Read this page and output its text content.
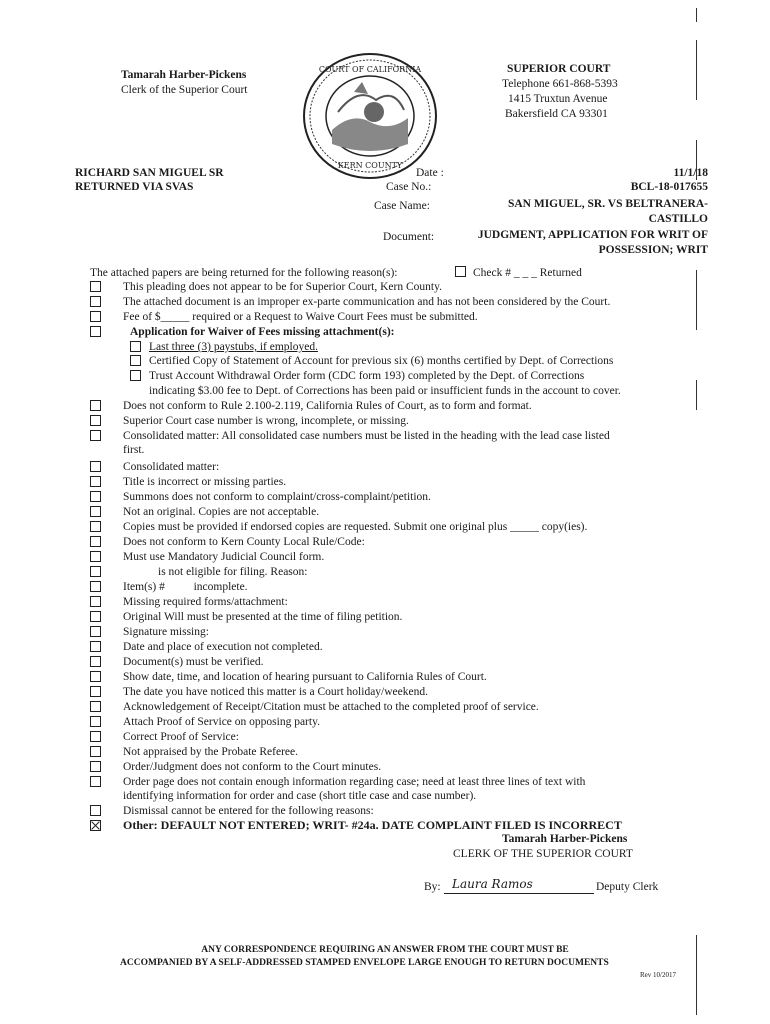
Tamarah Harber-Pickens
Clerk of the Superior Court
COURT OF CALIFORNIA
KERN COUNTY
SUPERIOR COURT
Telephone 661-868-5393
1415 Truxtun Avenue
Bakersfield CA 93301
RICHARD SAN MIGUEL SR
RETURNED VIA SVAS
Date :	11/1/18
Case No.:	BCL-18-017655
Case Name:	SAN MIGUEL, SR. VS BELTRANERA-
CASTILLO
Document:	JUDGMENT, APPLICATION FOR WRIT OF
POSSESSION; WRIT
The attached papers are being returned for the following reason(s):	Check # _ _ _ Returned
This pleading does not appear to be for Superior Court, Kern County.
The attached document is an improper ex-parte communication and has not been considered by the Court.
Fee of $_____ required or a Request to Waive Court Fees must be submitted.
Application for Waiver of Fees missing attachment(s):
Last three (3) paystubs, if employed.
Certified Copy of Statement of Account for previous six (6) months certified by Dept. of Corrections
Trust Account Withdrawal Order form (CDC form 193) completed by the Dept. of Corrections
indicating $3.00 fee to Dept. of Corrections has been paid or insufficient funds in the account to cover.
Does not conform to Rule 2.100-2.119, California Rules of Court, as to form and format.
Superior Court case number is wrong, incomplete, or missing.
Consolidated matter: All consolidated case numbers must be listed in the heading with the lead case listed
first.
Consolidated matter:
Title is incorrect or missing parties.
Summons does not conform to complaint/cross-complaint/petition.
Not an original. Copies are not acceptable.
Copies must be provided if endorsed copies are requested. Submit one original plus _____ copy(ies).
Does not conform to Kern County Local Rule/Code:
Must use Mandatory Judicial Council form.
is not eligible for filing. Reason:
Item(s) #          incomplete.
Missing required forms/attachment:
Original Will must be presented at the time of filing petition.
Signature missing:
Date and place of execution not completed.
Document(s) must be verified.
Show date, time, and location of hearing pursuant to California Rules of Court.
The date you have noticed this matter is a Court holiday/weekend.
Acknowledgement of Receipt/Citation must be attached to the completed proof of service.
Attach Proof of Service on opposing party.
Correct Proof of Service:
Not appraised by the Probate Referee.
Order/Judgment does not conform to the Court minutes.
Order page does not contain enough information regarding case; need at least three lines of text with
identifying information for order and case (short title case and case number).
Dismissal cannot be entered for the following reasons:
Other: DEFAULT NOT ENTERED; WRIT- #24a. DATE COMPLAINT FILED IS INCORRECT
Tamarah Harber-Pickens
CLERK OF THE SUPERIOR COURT
By: Laura Ramos	Deputy Clerk
ANY CORRESPONDENCE REQUIRING AN ANSWER FROM THE COURT MUST BE
ACCOMPANIED BY A SELF-ADDRESSED STAMPED ENVELOPE LARGE ENOUGH TO RETURN DOCUMENTS
Rev 10/2017
